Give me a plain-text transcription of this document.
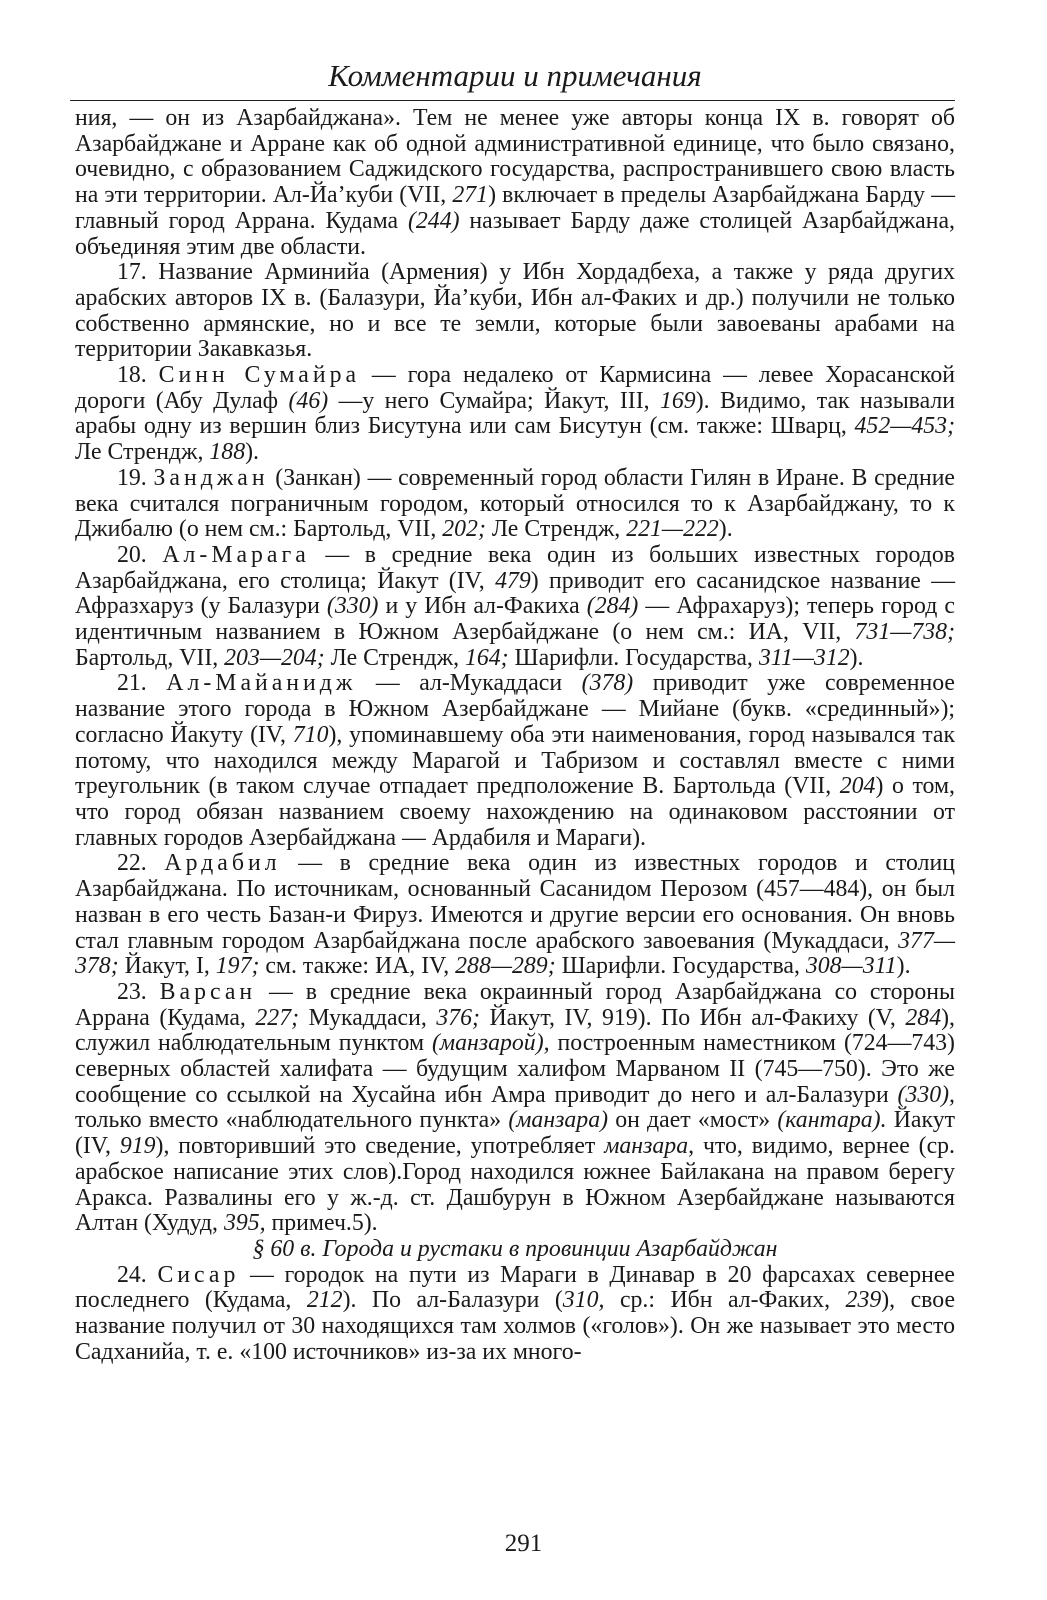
Комментарии и примечания

ния, — он из Азарбайджана». Тем не менее уже авторы конца IX в. говорят об Азарбайджане и Арране как об одной административной единице, что было связано, очевидно, с образованием Саджидского государства, распространившего свою власть на эти территории. Ал-Йа’куби (VII, 271) включает в пределы Азарбайджана Барду — главный город Аррана. Кудама (244) называет Барду даже столицей Азарбайджана, объединяя этим две области.

17. Название Арминийа (Армения) у Ибн Хордадбеха, а также у ряда других арабских авторов IX в. (Балазури, Йа’куби, Ибн ал-Факих и др.) получили не только собственно армянские, но и все те земли, которые были завоеваны арабами на территории Закавказья.

18. Синн Сумайра — гора недалеко от Кармисина — левее Хорасанской дороги (Абу Дулаф (46) —у него Сумайра; Йакут, III, 169). Видимо, так называли арабы одну из вершин близ Бисутуна или сам Бисутун (см. также: Шварц, 452—453; Ле Стрендж, 188).

19. Занджан (Занкан) — современный город области Гилян в Иране. В средние века считался пограничным городом, который относился то к Азарбайджану, то к Джибалю (о нем см.: Бартольд, VII, 202; Ле Стрендж, 221—222).

20. Ал-Марага — в средние века один из больших известных городов Азарбайджана, его столица; Йакут (IV, 479) приводит его сасанидское название — Афразхаруз (у Балазури (330) и у Ибн ал-Факиха (284) — Афрахаруз); теперь город с идентичным названием в Южном Азербайджане (о нем см.: ИА, VII, 731—738; Бартольд, VII, 203—204; Ле Стрендж, 164; Шарифли. Государства, 311—312).

21. Ал-Майанидж — ал-Мукаддаси (378) приводит уже современное название этого города в Южном Азербайджане — Мийане (букв. «срединный»); согласно Йакуту (IV, 710), упоминавшему оба эти наименования, город назывался так потому, что находился между Марагой и Табризом и составлял вместе с ними треугольник (в таком случае отпадает предположение В. Бартольда (VII, 204) о том, что город обязан названием своему нахождению на одинаковом расстоянии от главных городов Азербайджана — Ардабиля и Мараги).

22. Ардабил — в средние века один из известных городов и столиц Азарбайджана. По источникам, основанный Сасанидом Перозом (457—484), он был назван в его честь Базан-и Фируз. Имеются и другие версии его основания. Он вновь стал главным городом Азарбайджана после арабского завоевания (Мукаддаси, 377—378; Йакут, I, 197; см. также: ИА, IV, 288—289; Шарифли. Государства, 308—311).

23. Варсан — в средние века окраинный город Азарбайджана со стороны Аррана (Кудама, 227; Мукаддаси, 376; Йакут, IV, 919). По Ибн ал-Факиху (V, 284), служил наблюдательным пунктом (манзарой), построенным наместником (724—743) северных областей халифата — будущим халифом Марваном II (745—750). Это же сообщение со ссылкой на Хусайна ибн Амра приводит до него и ал-Балазури (330), только вместо «наблюдательного пункта» (манзара) он дает «мост» (кантара). Йакут (IV, 919), повторивший это сведение, употребляет манзара, что, видимо, вернее (ср. арабское написание этих слов).Город находился южнее Байлакана на правом берегу Аракса. Развалины его у ж.-д. ст. Дашбурун в Южном Азербайджане называются Алтан (Худуд, 395, примеч.5).

§ 60 в. Города и рустаки в провинции Азарбайджан

24. Сисар — городок на пути из Мараги в Динавар в 20 фарсахах севернее последнего (Кудама, 212). По ал-Балазури (310, ср.: Ибн ал-Факих, 239), свое название получил от 30 находящихся там холмов («голов»). Он же называет это место Садханийа, т. е. «100 источников» из-за их много-

291
